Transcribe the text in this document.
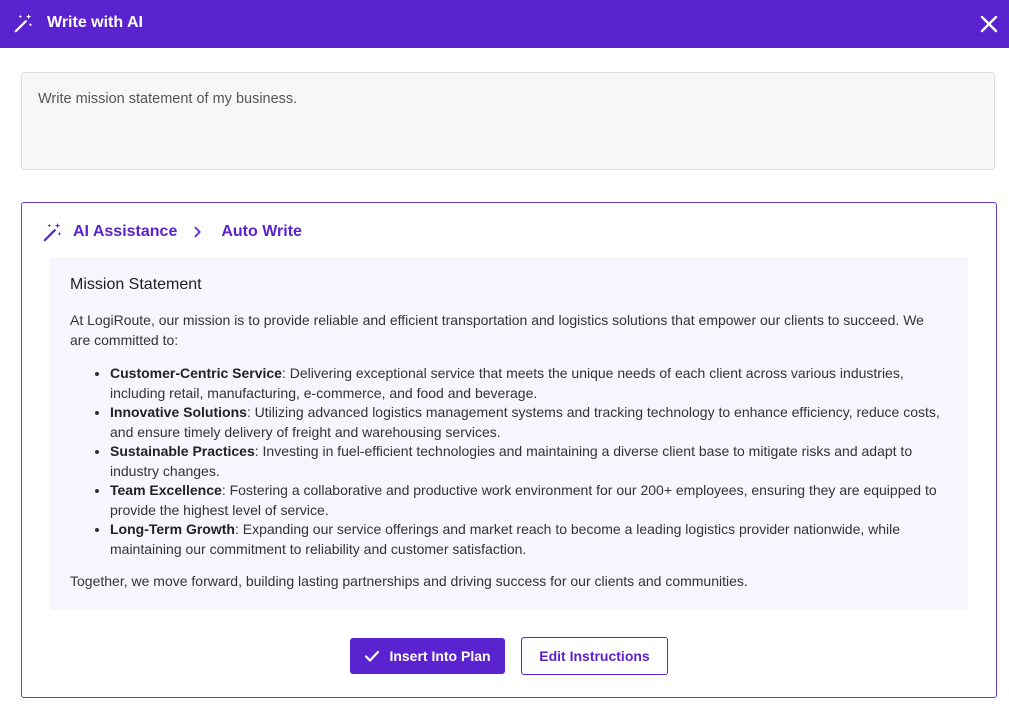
Write with AI
Write mission statement of my business.
AI Assistance	Auto Write
Mission Statement

At LogiRoute, our mission is to provide reliable and efficient transportation and logistics solutions that empower our clients to succeed. We are committed to:

• Customer-Centric Service: Delivering exceptional service that meets the unique needs of each client across various industries, including retail, manufacturing, e-commerce, and food and beverage.
• Innovative Solutions: Utilizing advanced logistics management systems and tracking technology to enhance efficiency, reduce costs, and ensure timely delivery of freight and warehousing services.
• Sustainable Practices: Investing in fuel-efficient technologies and maintaining a diverse client base to mitigate risks and adapt to industry changes.
• Team Excellence: Fostering a collaborative and productive work environment for our 200+ employees, ensuring they are equipped to provide the highest level of service.
• Long-Term Growth: Expanding our service offerings and market reach to become a leading logistics provider nationwide, while maintaining our commitment to reliability and customer satisfaction.

Together, we move forward, building lasting partnerships and driving success for our clients and communities.

Insert Into Plan	Edit Instructions
